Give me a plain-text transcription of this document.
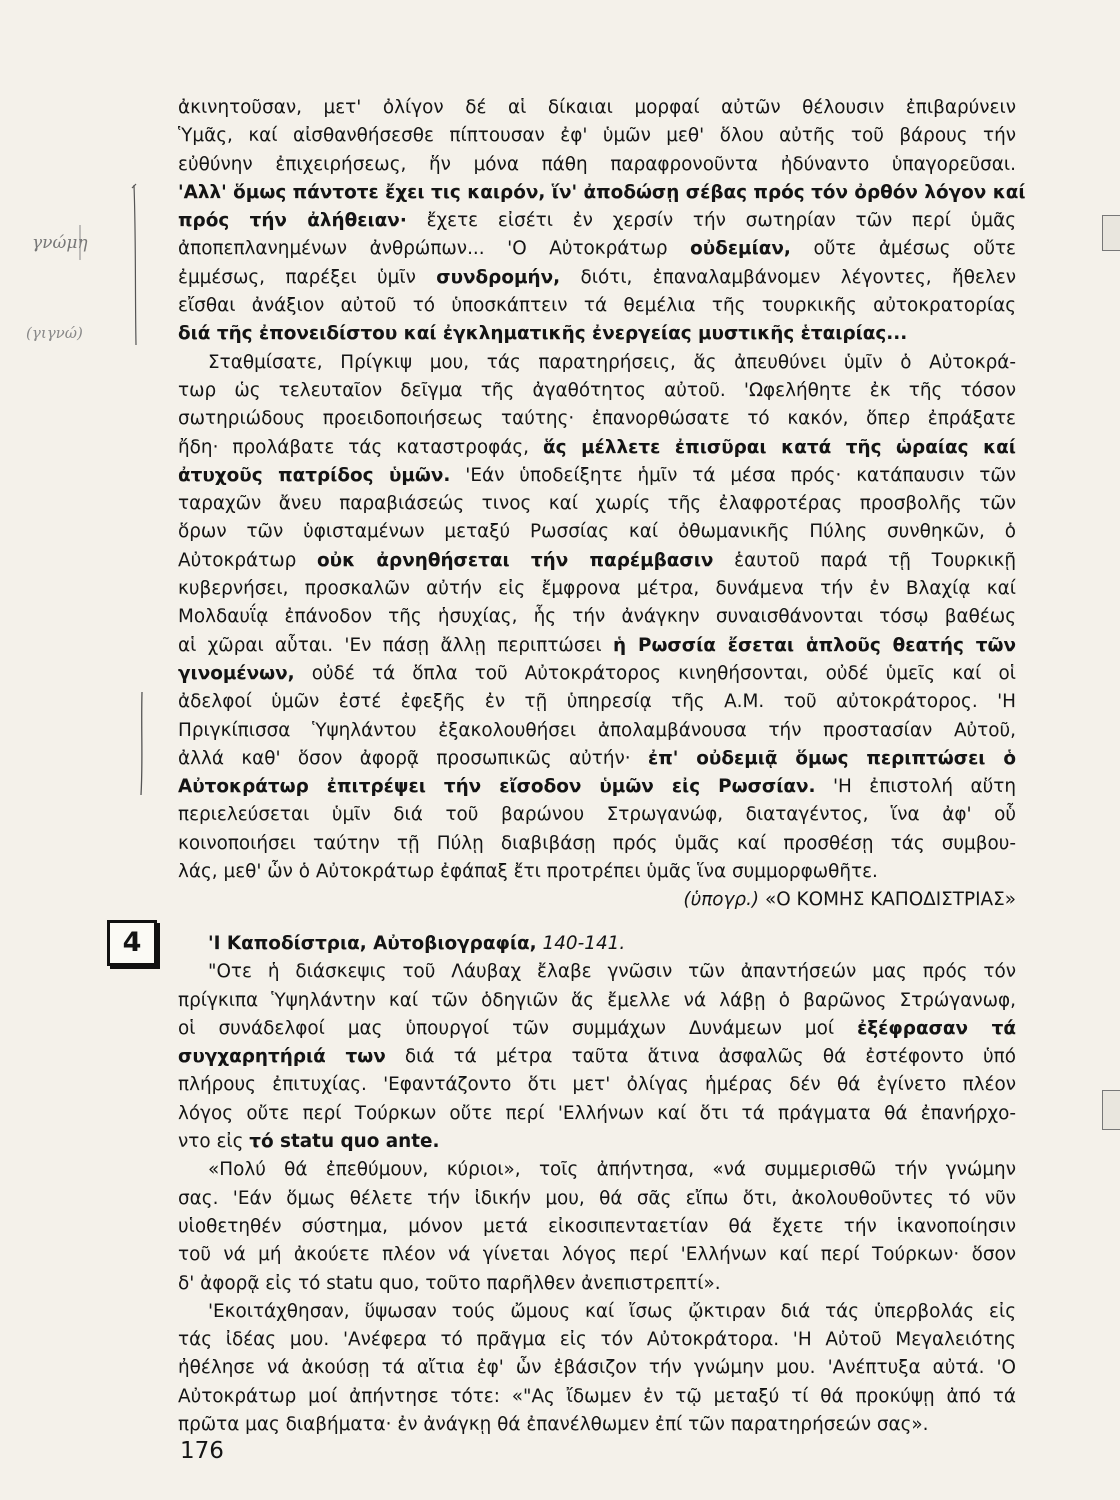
γνώμη
(γιγνώ)
ἀκινητοῦσαν, μετ' ὀλίγον δέ αἱ δίκαιαι μορφαί αὐτῶν θέλουσιν ἐπιβαρύνειν
Ὑμᾶς, καί αἰσθανθήσεσθε πίπτουσαν ἐφ' ὑμῶν μεθ' ὅλου αὐτῆς τοῦ βάρους τήν
εὐθύνην ἐπιχειρήσεως, ἥν μόνα πάθη παραφρονοῦντα ἠδύναντο ὑπαγορεῦσαι.
'Αλλ' ὅμως πάντοτε ἔχει τις καιρόν, ἵν' ἀποδώσῃ σέβας πρός τόν ὀρθόν λόγον καί
πρός τήν ἀλήθειαν· ἔχετε εἰσέτι ἐν χερσίν τήν σωτηρίαν τῶν περί ὑμᾶς
ἀποπεπλανημένων ἀνθρώπων... 'Ο Αὐτοκράτωρ οὐδεμίαν, οὔτε ἀμέσως οὔτε
ἐμμέσως, παρέξει ὑμῖν συνδρομήν, διότι, ἐπαναλαμβάνομεν λέγοντες, ἤθελεν
εἴσθαι ἀνάξιον αὐτοῦ τό ὑποσκάπτειν τά θεμέλια τῆς τουρκικῆς αὐτοκρατορίας
διά τῆς ἐπονειδίστου καί ἐγκληματικῆς ἐνεργείας μυστικῆς ἑταιρίας...
Σταθμίσατε, Πρίγκιψ μου, τάς παρατηρήσεις, ἅς ἀπευθύνει ὑμῖν ὁ Αὐτοκρά-
τωρ ὡς τελευταῖον δεῖγμα τῆς ἀγαθότητος αὐτοῦ. 'Ωφελήθητε ἐκ τῆς τόσον
σωτηριώδους προειδοποιήσεως ταύτης· ἐπανορθώσατε τό κακόν, ὅπερ ἐπράξατε
ἤδη· προλάβατε τάς καταστροφάς, ἅς μέλλετε ἐπισῦραι κατά τῆς ὡραίας καί
ἀτυχοῦς πατρίδος ὑμῶν. 'Εάν ὑποδείξητε ἡμῖν τά μέσα πρός· κατάπαυσιν τῶν
ταραχῶν ἄνευ παραβιάσεώς τινος καί χωρίς τῆς ἐλαφροτέρας προσβολῆς τῶν
ὅρων τῶν ὑφισταμένων μεταξύ Ρωσσίας καί ὀθωμανικῆς Πύλης συνθηκῶν, ὁ
Αὐτοκράτωρ οὐκ ἀρνηθήσεται τήν παρέμβασιν ἑαυτοῦ παρά τῇ Τουρκικῇ
κυβερνήσει, προσκαλῶν αὐτήν εἰς ἔμφρονα μέτρα, δυνάμενα τήν ἐν Βλαχίᾳ καί
Μολδαυΐᾳ ἐπάνοδον τῆς ἡσυχίας, ἧς τήν ἀνάγκην συναισθάνονται τόσῳ βαθέως
αἱ χῶραι αὗται. 'Εν πάσῃ ἄλλῃ περιπτώσει ἡ Ρωσσία ἔσεται ἁπλοῦς θεατής τῶν
γινομένων, οὐδέ τά ὅπλα τοῦ Αὐτοκράτορος κινηθήσονται, οὐδέ ὑμεῖς καί οἱ
ἀδελφοί ὑμῶν ἐστέ ἐφεξῆς ἐν τῇ ὑπηρεσίᾳ τῆς Α.Μ. τοῦ αὐτοκράτορος. 'Η
Πριγκίπισσα Ὑψηλάντου ἐξακολουθήσει ἀπολαμβάνουσα τήν προστασίαν Αὐτοῦ,
ἀλλά καθ' ὅσον ἀφορᾷ προσωπικῶς αὐτήν· ἐπ' οὐδεμιᾷ ὅμως περιπτώσει ὁ
Αὐτοκράτωρ ἐπιτρέψει τήν εἴσοδον ὑμῶν εἰς Ρωσσίαν. 'Η ἐπιστολή αὕτη
περιελεύσεται ὑμῖν διά τοῦ βαρώνου Στρωγανώφ, διαταγέντος, ἵνα ἀφ' οὗ
κοινοποιήσει ταύτην τῇ Πύλῃ διαβιβάσῃ πρός ὑμᾶς καί προσθέσῃ τάς συμβου-
λάς, μεθ' ὧν ὁ Αὐτοκράτωρ ἐφάπαξ ἔτι προτρέπει ὑμᾶς ἵνα συμμορφωθῆτε.
(ὑπογρ.) «Ο ΚΟΜΗΣ ΚΑΠΟΔΙΣΤΡΙΑΣ»
4	'Ι Καποδίστρια, Αὐτοβιογραφία, 140-141.
"Οτε ἡ διάσκεψις τοῦ Λάυβαχ ἔλαβε γνῶσιν τῶν ἀπαντήσεών μας πρός τόν
πρίγκιπα Ὑψηλάντην καί τῶν ὁδηγιῶν ἅς ἔμελλε νά λάβῃ ὁ βαρῶνος Στρώγανωφ,
οἱ συνάδελφοί μας ὑπουργοί τῶν συμμάχων Δυνάμεων μοί ἐξέφρασαν τά
συγχαρητήριά των διά τά μέτρα ταῦτα ἅτινα ἀσφαλῶς θά ἐστέφοντο ὑπό
πλήρους ἐπιτυχίας. 'Εφαντάζοντο ὅτι μετ' ὀλίγας ἡμέρας δέν θά ἐγίνετο πλέον
λόγος οὔτε περί Τούρκων οὔτε περί 'Ελλήνων καί ὅτι τά πράγματα θά ἐπανήρχο-
ντο εἰς τό statu quo ante.
«Πολύ θά ἐπεθύμουν, κύριοι», τοῖς ἀπήντησα, «νά συμμερισθῶ τήν γνώμην
σας. 'Εάν ὅμως θέλετε τήν ἰδικήν μου, θά σᾶς εἴπω ὅτι, ἀκολουθοῦντες τό νῦν
υἱοθετηθέν σύστημα, μόνον μετά εἰκοσιπενταετίαν θά ἔχετε τήν ἱκανοποίησιν
τοῦ νά μή ἀκούετε πλέον νά γίνεται λόγος περί 'Ελλήνων καί περί Τούρκων· ὅσον
δ' ἀφορᾷ εἰς τό statu quo, τοῦτο παρῆλθεν ἀνεπιστρεπτί».
'Εκοιτάχθησαν, ὕψωσαν τούς ὤμους καί ἴσως ᾤκτιραν διά τάς ὑπερβολάς εἰς
τάς ἰδέας μου. 'Ανέφερα τό πρᾶγμα εἰς τόν Αὐτοκράτορα. 'Η Αὐτοῦ Μεγαλειότης
ἠθέλησε νά ἀκούσῃ τά αἴτια ἐφ' ὧν ἐβάσιζον τήν γνώμην μου. 'Ανέπτυξα αὐτά. 'Ο
Αὐτοκράτωρ μοί ἀπήντησε τότε: «"Ας ἴδωμεν ἐν τῷ μεταξύ τί θά προκύψῃ ἀπό τά
πρῶτα μας διαβήματα· ἐν ἀνάγκῃ θά ἐπανέλθωμεν ἐπί τῶν παρατηρήσεών σας».
176
